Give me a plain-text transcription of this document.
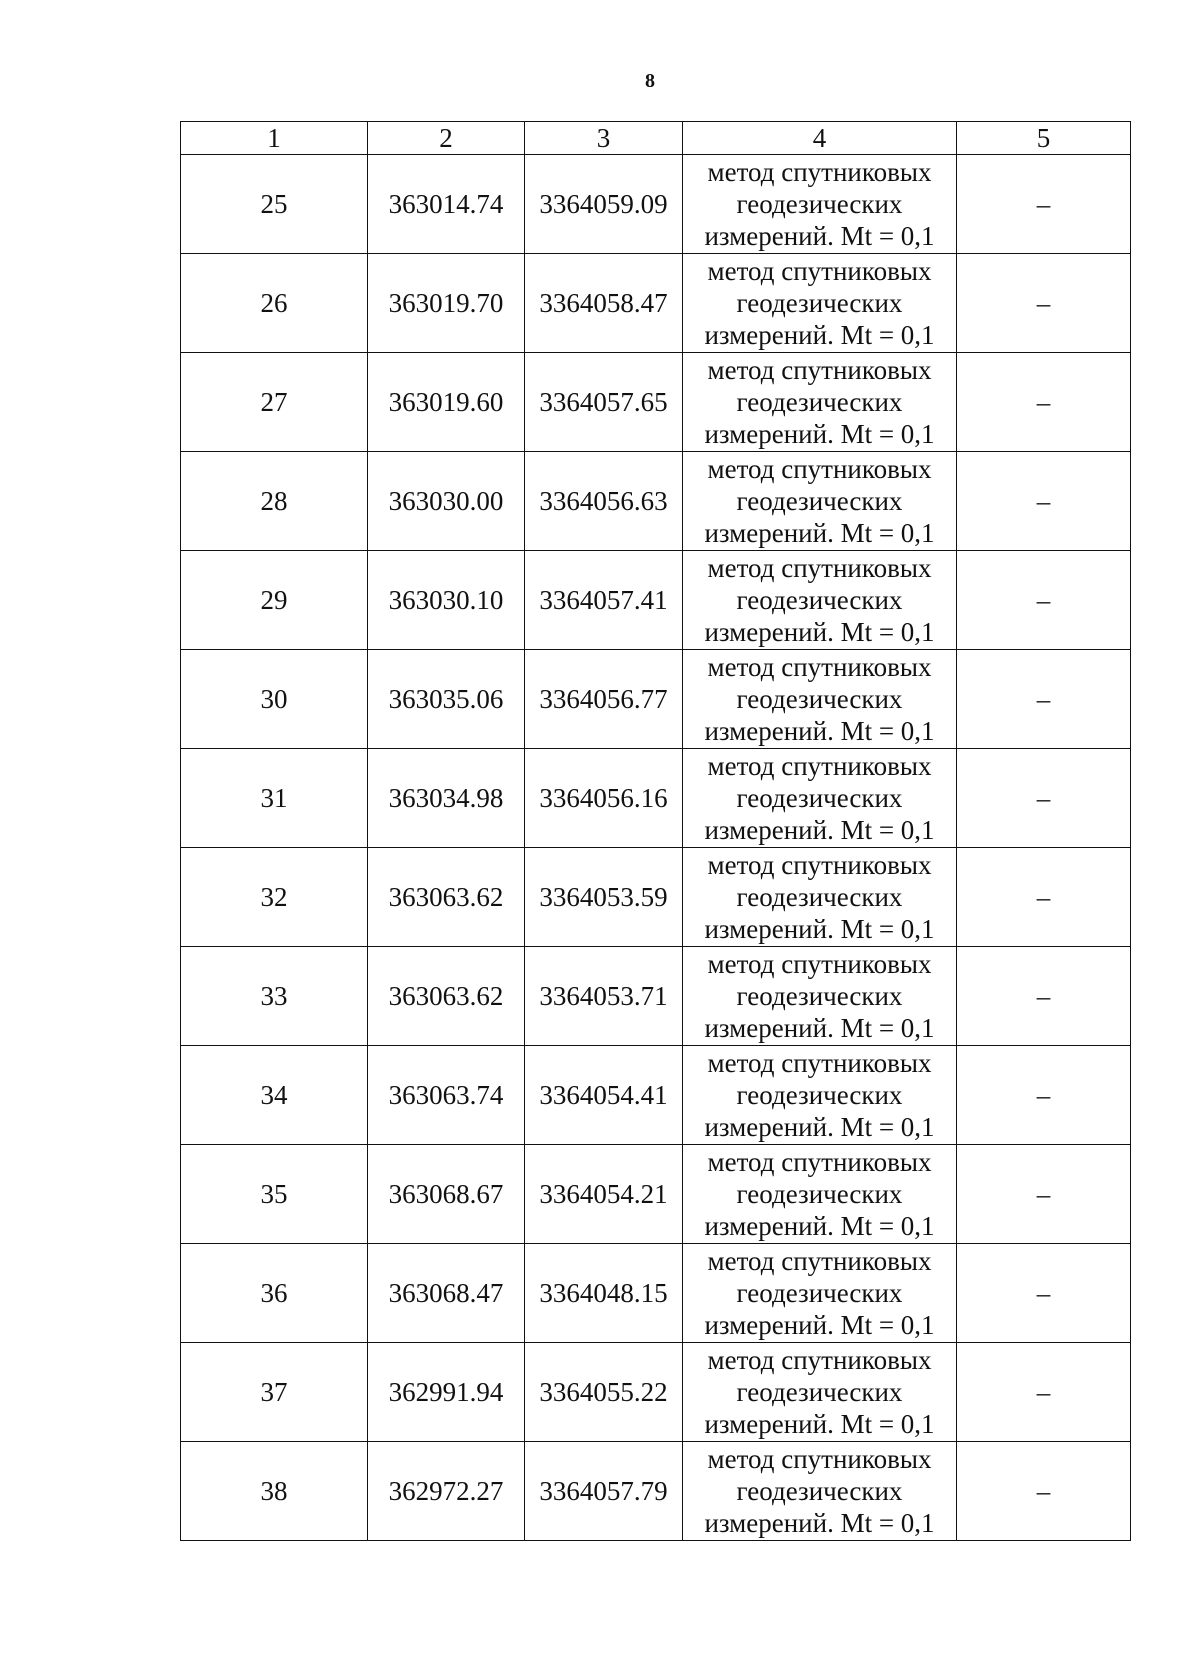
8
1	2	3	4	5
25	363014.74	3364059.09	метод спутниковых
геодезических
измерений. Mt = 0,1	–
26	363019.70	3364058.47	метод спутниковых
геодезических
измерений. Mt = 0,1	–
27	363019.60	3364057.65	метод спутниковых
геодезических
измерений. Mt = 0,1	–
28	363030.00	3364056.63	метод спутниковых
геодезических
измерений. Mt = 0,1	–
29	363030.10	3364057.41	метод спутниковых
геодезических
измерений. Mt = 0,1	–
30	363035.06	3364056.77	метод спутниковых
геодезических
измерений. Mt = 0,1	–
31	363034.98	3364056.16	метод спутниковых
геодезических
измерений. Mt = 0,1	–
32	363063.62	3364053.59	метод спутниковых
геодезических
измерений. Mt = 0,1	–
33	363063.62	3364053.71	метод спутниковых
геодезических
измерений. Mt = 0,1	–
34	363063.74	3364054.41	метод спутниковых
геодезических
измерений. Mt = 0,1	–
35	363068.67	3364054.21	метод спутниковых
геодезических
измерений. Mt = 0,1	–
36	363068.47	3364048.15	метод спутниковых
геодезических
измерений. Mt = 0,1	–
37	362991.94	3364055.22	метод спутниковых
геодезических
измерений. Mt = 0,1	–
38	362972.27	3364057.79	метод спутниковых
геодезических
измерений. Mt = 0,1	–
